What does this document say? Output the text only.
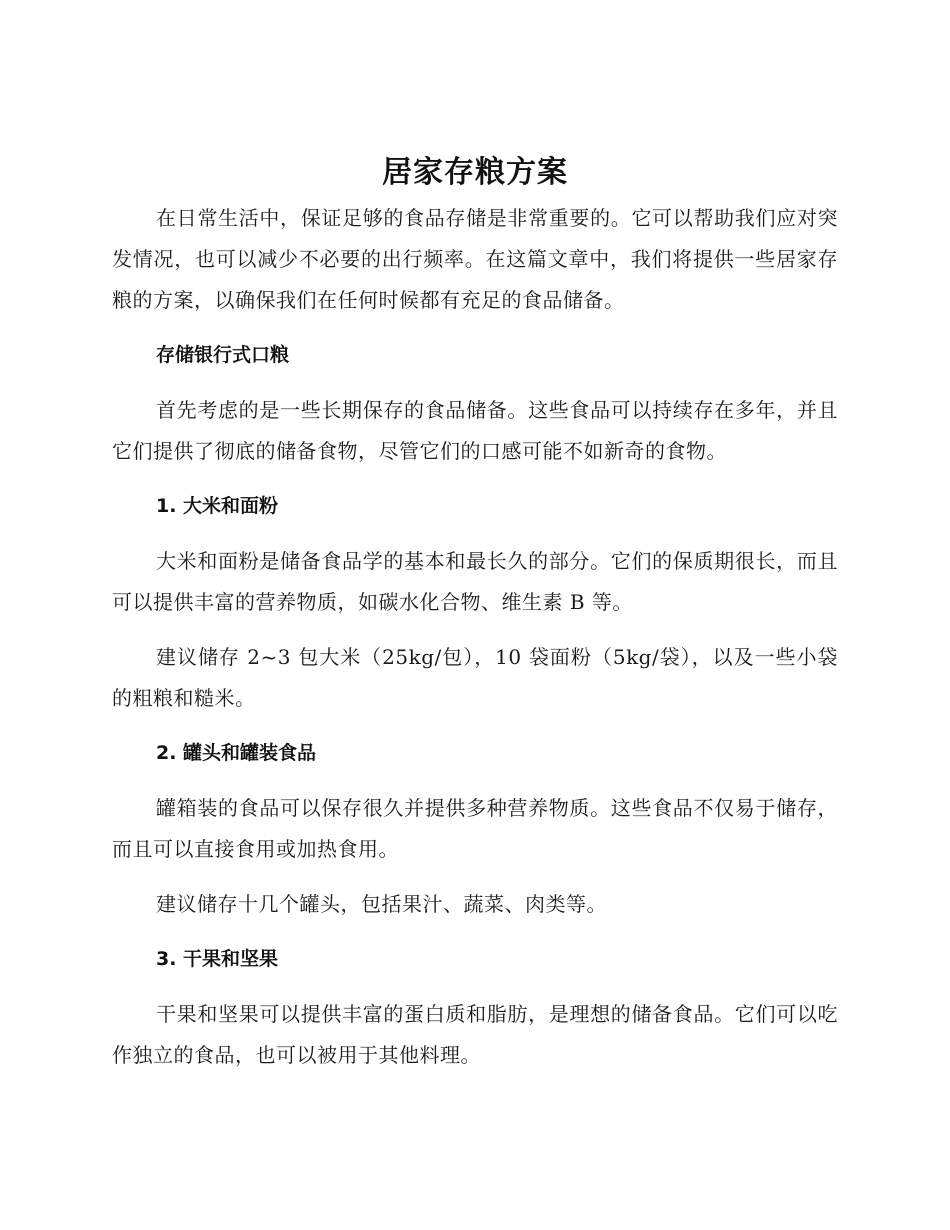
居家存粮方案

在日常生活中，保证足够的食品存储是非常重要的。它可以帮助我们应对突发情况，也可以减少不必要的出行频率。在这篇文章中，我们将提供一些居家存粮的方案，以确保我们在任何时候都有充足的食品储备。

存储银行式口粮

首先考虑的是一些长期保存的食品储备。这些食品可以持续存在多年，并且它们提供了彻底的储备食物，尽管它们的口感可能不如新奇的食物。

1. 大米和面粉

大米和面粉是储备食品学的基本和最长久的部分。它们的保质期很长，而且可以提供丰富的营养物质，如碳水化合物、维生素 B 等。

建议储存 2~3 包大米（25kg/包），10 袋面粉（5kg/袋），以及一些小袋的粗粮和糙米。

2. 罐头和罐装食品

罐箱装的食品可以保存很久并提供多种营养物质。这些食品不仅易于储存，而且可以直接食用或加热食用。

建议储存十几个罐头，包括果汁、蔬菜、肉类等。

3. 干果和坚果

干果和坚果可以提供丰富的蛋白质和脂肪，是理想的储备食品。它们可以吃作独立的食品，也可以被用于其他料理。
